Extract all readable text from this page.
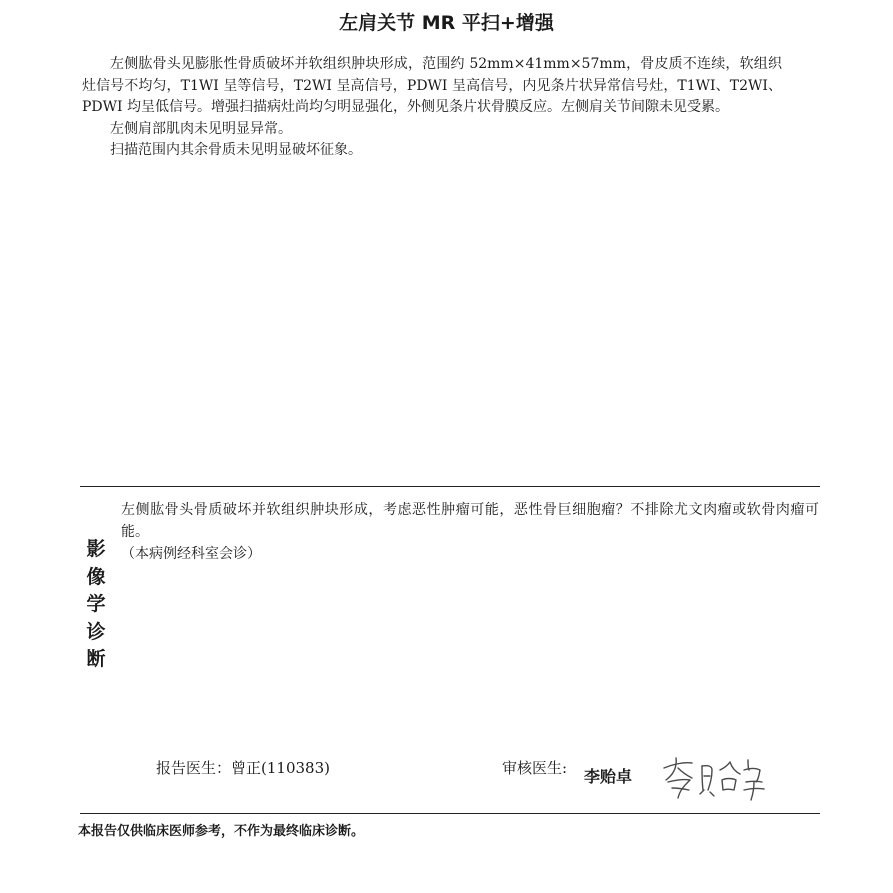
左肩关节 MR 平扫+增强

左侧肱骨头见膨胀性骨质破坏并软组织肿块形成，范围约 52mm×41mm×57mm，骨皮质不连续，软组织灶信号不均匀，T1WI 呈等信号，T2WI 呈高信号，PDWI 呈高信号，内见条片状异常信号灶，T1WI、T2WI、PDWI 均呈低信号。增强扫描病灶尚均匀明显强化，外侧见条片状骨膜反应。左侧肩关节间隙未见受累。

左侧肩部肌肉未见明显异常。

扫描范围内其余骨质未见明显破坏征象。

影
像
学
诊
断

左侧肱骨头骨质破坏并软组织肿块形成，考虑恶性肿瘤可能，恶性骨巨细胞瘤？不排除尤文肉瘤或软骨肉瘤可能。

（本病例经科室会诊）

报告医生：曾正(110383)	审核医生: 李贻卓
本报告仅供临床医师参考，不作为最终临床诊断。
